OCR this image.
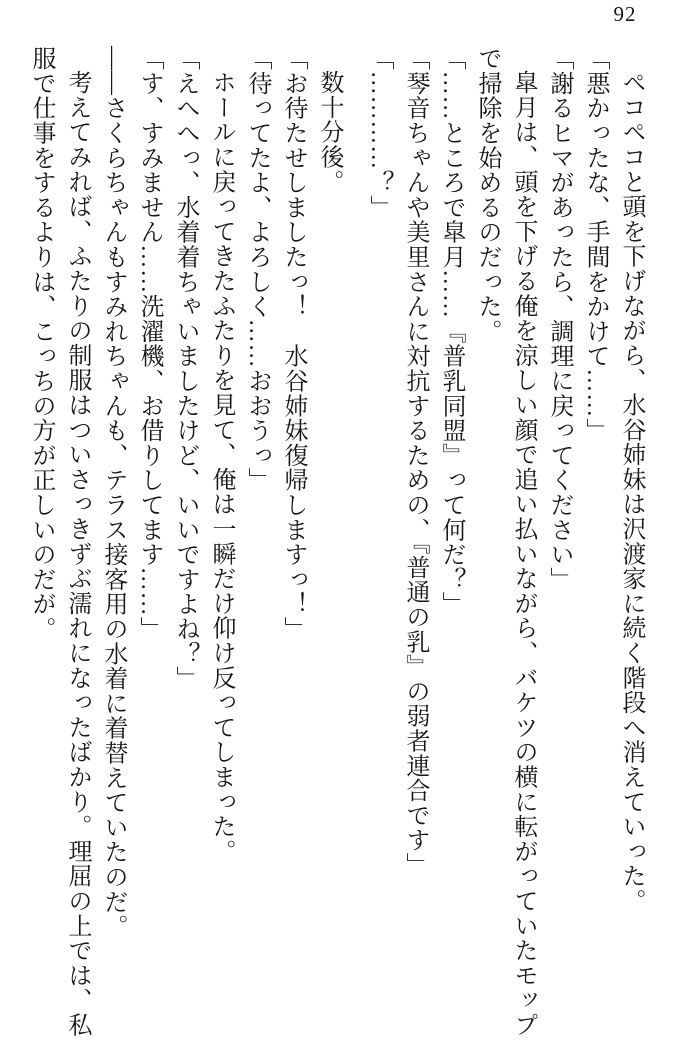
92

ペコペコと頭を下げながら、水谷姉妹は沢渡家に続く階段へ消えていった。

「悪かったな、手間をかけて……」

「謝るヒマがあったら、調理に戻ってください」

皐月は、頭を下げる俺を涼しい顔で追い払いながら、バケツの横に転がっていたモップで掃除を始めるのだった。

「……ところで皐月……『普乳同盟』って何だ？」

「琴音ちゃんや美里さんに対抗するための、『普通の乳』の弱者連合です」

「…………？」

数十分後。

「お待たせしましたっ！　水谷姉妹復帰しますっ！」

「待ってたよ、よろしく……おおうっ」

ホールに戻ってきたふたりを見て、俺は一瞬だけ仰け反ってしまった。

「えへへっ、水着着ちゃいましたけど、いいですよね？」

「す、すみません……洗濯機、お借りしてます……」

――さくらちゃんもすみれちゃんも、テラス接客用の水着に着替えていたのだ。

考えてみれば、ふたりの制服はついさっきずぶ濡れになったばかり。理屈の上では、私服で仕事をするよりは、こっちの方が正しいのだが。
